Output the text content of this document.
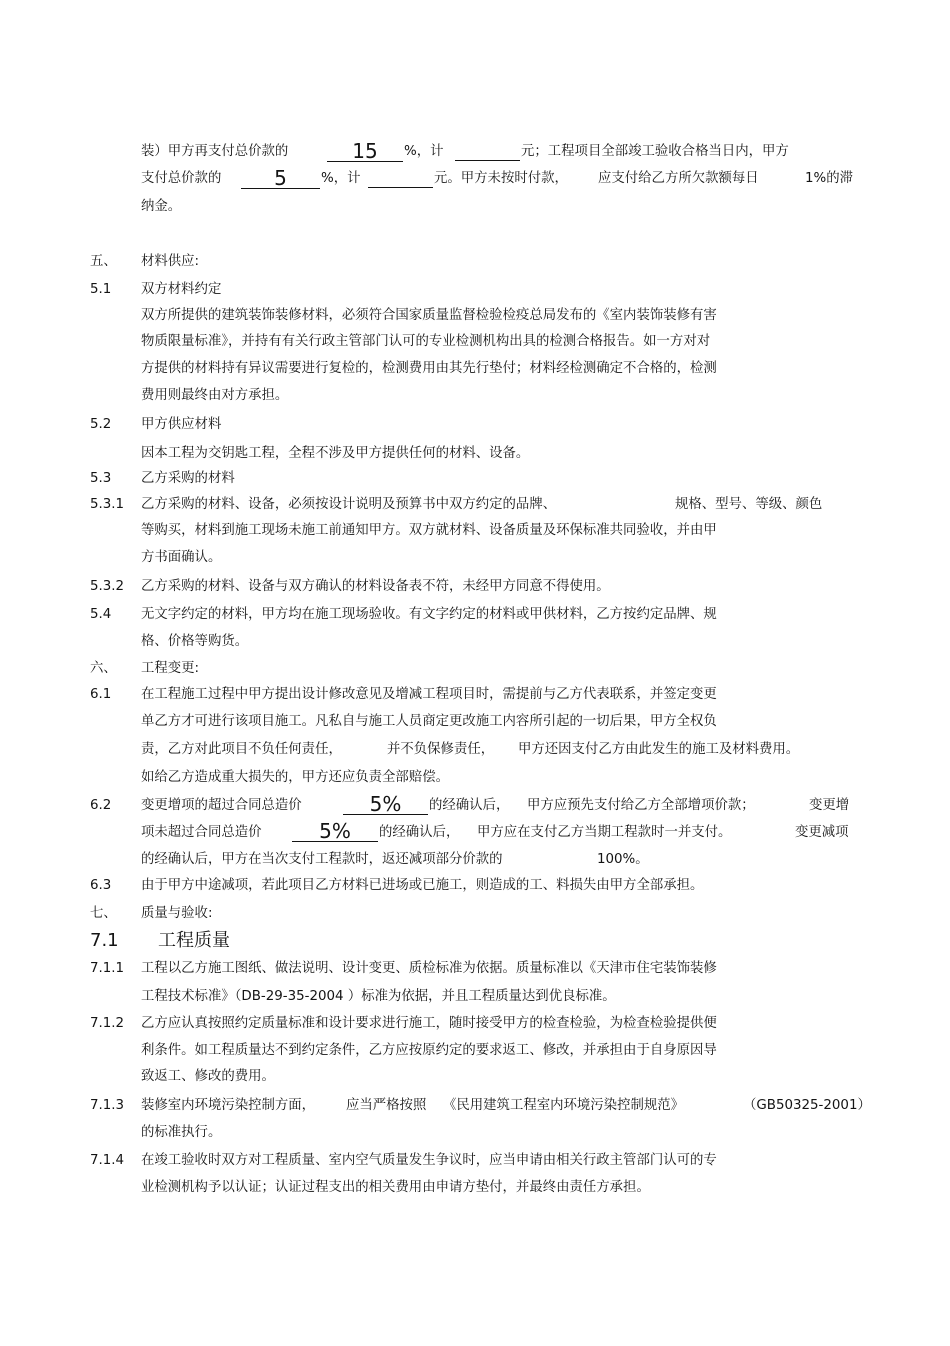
装）甲方再支付总价款的	15	%，计	元；工程项目全部竣工验收合格当日内，甲方
支付总价款的	5	%，计	元。甲方未按时付款， 应支付给乙方所欠款额每日	1%的滞
纳金。
五、 材料供应:
5.1 双方材料约定
双方所提供的建筑装饰装修材料，必须符合国家质量监督检验检疫总局发布的《室内装饰装修有害
物质限量标准》，并持有有关行政主管部门认可的专业检测机构出具的检测合格报告。如一方对对
方提供的材料持有异议需要进行复检的，检测费用由其先行垫付；材料经检测确定不合格的，检测
费用则最终由对方承担。
5.2 甲方供应材料
因本工程为交钥匙工程，全程不涉及甲方提供任何的材料、设备。
5.3 乙方采购的材料
5.3.1 乙方采购的材料、设备，必须按设计说明及预算书中双方约定的品牌、	规格、型号、等级、颜色
等购买，材料到施工现场未施工前通知甲方。双方就材料、设备质量及环保标准共同验收，并由甲
方书面确认。
5.3.2 乙方采购的材料、设备与双方确认的材料设备表不符，未经甲方同意不得使用。
5.4 无文字约定的材料，甲方均在施工现场验收。有文字约定的材料或甲供材料，乙方按约定品牌、规
格、价格等购货。
六、 工程变更:
6.1 在工程施工过程中甲方提出设计修改意见及增减工程项目时，需提前与乙方代表联系，并签定变更
单乙方才可进行该项目施工。凡私自与施工人员商定更改施工内容所引起的一切后果，甲方全权负
责，乙方对此项目不负任何责任，	并不负保修责任， 甲方还因支付乙方由此发生的施工及材料费用。
如给乙方造成重大损失的，甲方还应负责全部赔偿。
6.2 变更增项的超过合同总造价	5%	的经确认后， 甲方应预先支付给乙方全部增项价款；	变更增
项未超过合同总造价	5%	的经确认后， 甲方应在支付乙方当期工程款时一并支付。	变更减项
的经确认后，甲方在当次支付工程款时，返还减项部分价款的	100%。
6.3 由于甲方中途减项，若此项目乙方材料已进场或已施工，则造成的工、料损失由甲方全部承担。
七、 质量与验收:
7.1 工程质量
7.1.1 工程以乙方施工图纸、做法说明、设计变更、质检标准为依据。质量标准以《天津市住宅装饰装修
工程技术标准》（DB-29-35-2004 ）标准为依据，并且工程质量达到优良标准。
7.1.2 乙方应认真按照约定质量标准和设计要求进行施工，随时接受甲方的检查检验，为检查检验提供便
利条件。如工程质量达不到约定条件，乙方应按原约定的要求返工、修改，并承担由于自身原因导
致返工、修改的费用。
7.1.3 装修室内环境污染控制方面， 应当严格按照 《民用建筑工程室内环境污染控制规范》	（GB50325-2001）
的标准执行。
7.1.4 在竣工验收时双方对工程质量、室内空气质量发生争议时，应当申请由相关行政主管部门认可的专
业检测机构予以认证；认证过程支出的相关费用由申请方垫付，并最终由责任方承担。
